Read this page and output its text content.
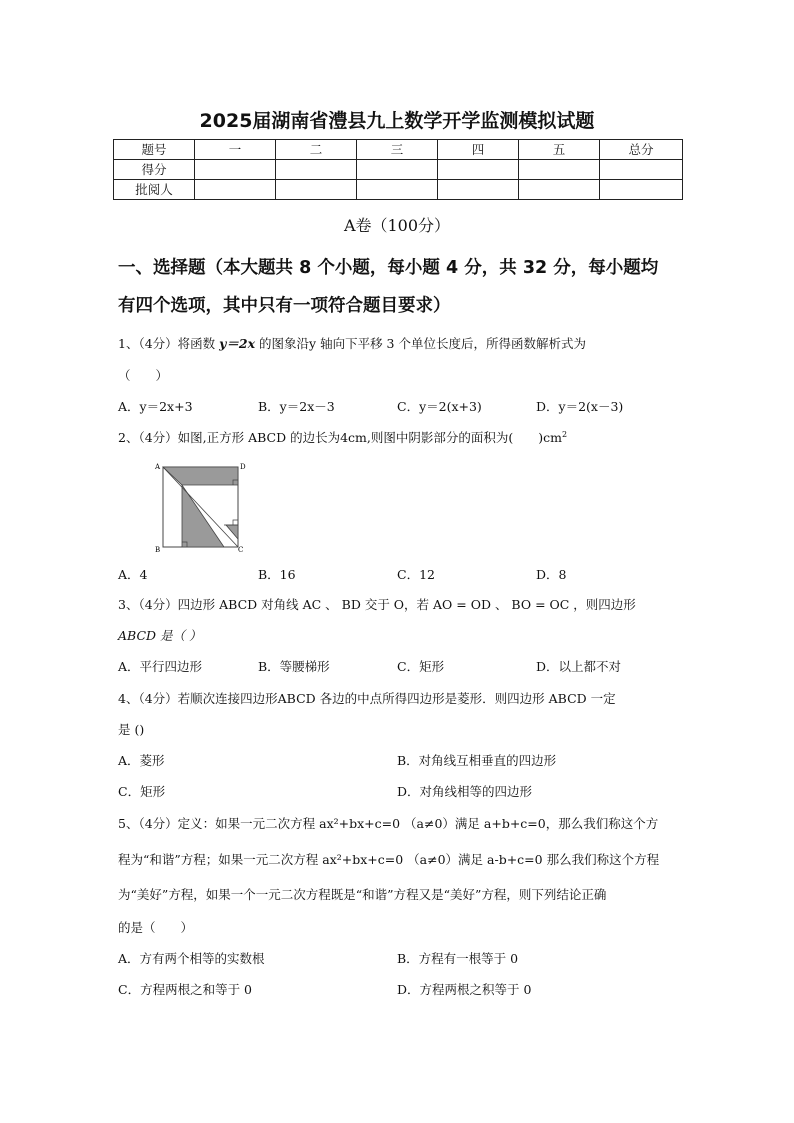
2025届湖南省澧县九上数学开学监测模拟试题
题号	一	二	三	四	五	总分
得分						
批阅人						
A卷（100分）
一、选择题（本大题共 8 个小题，每小题 4 分，共 32 分，每小题均
有四个选项，其中只有一项符合题目要求）
1、（4分）将函数 y＝2x 的图象沿y 轴向下平移 3 个单位长度后，所得函数解析式为
（　　）
A．y＝2x+3	B．y＝2x－3	C．y＝2(x+3)	D．y＝2(x－3)
2、（4分）如图,正方形 ABCD 的边长为4cm,则图中阴影部分的面积为(　　)$cm^2$
A	D
B	C
A．4	B．16	C．12	D．8
3、（4分）四边形 ABCD 对角线 AC 、 BD 交于 O，若 AO = OD 、 BO = OC ，则四边形
ABCD 是（ ）
A．平行四边形	B．等腰梯形	C．矩形	D．以上都不对
4、（4分）若顺次连接四边形ABCD 各边的中点所得四边形是菱形．则四边形 ABCD 一定
是 ()
A．菱形	B．对角线互相垂直的四边形
C．矩形	D．对角线相等的四边形
5、（4分）定义：如果一元二次方程 ax²+bx+c=0 （a≠0）满足 a+b+c=0，那么我们称这个方
程为“和谐”方程；如果一元二次方程 ax²+bx+c=0 （a≠0）满足 a-b+c=0 那么我们称这个方程
为“美好”方程，如果一个一元二次方程既是“和谐”方程又是“美好”方程，则下列结论正确
的是（　　）
A．方有两个相等的实数根	B．方程有一根等于 0
C．方程两根之和等于 0	D．方程两根之积等于 0
